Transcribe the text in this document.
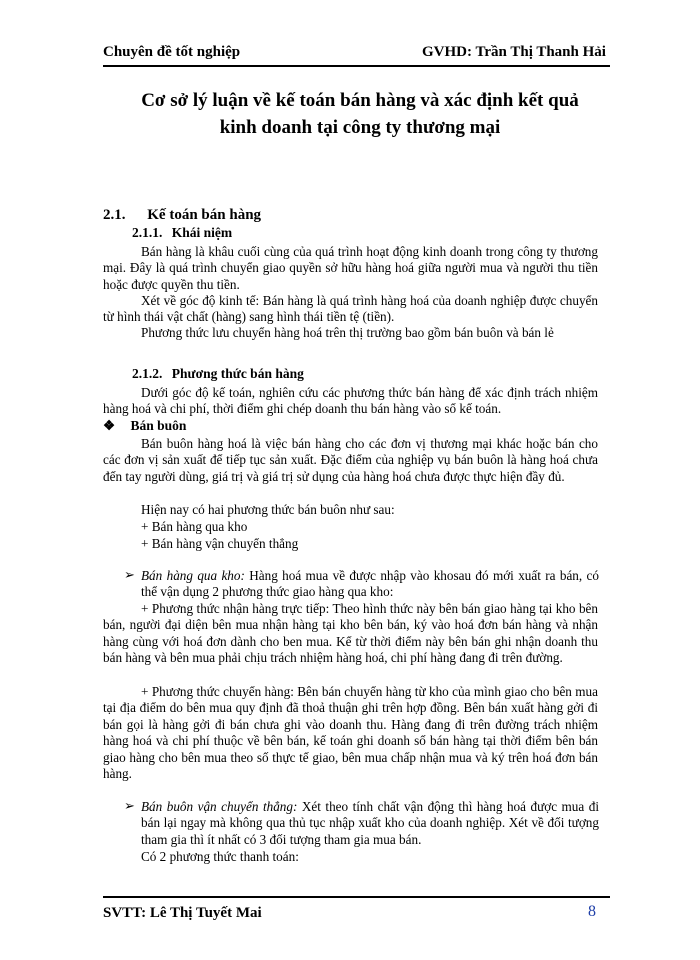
Chuyên đề tốt nghiệp	GVHD: Trần Thị Thanh Hải
Cơ sở lý luận về kế toán bán hàng và xác định kết quả
kinh doanh tại công ty thương mại
2.1. Kế toán bán hàng
2.1.1. Khái niệm
Bán hàng là khâu cuối cùng của quá trình hoạt động kinh doanh trong công ty thương mại. Đây là quá trình chuyển giao quyền sở hữu hàng hoá giữa người mua và người thu tiền hoặc được quyền thu tiền.
Xét về góc độ kinh tế: Bán hàng là quá trình hàng hoá của doanh nghiệp được chuyển từ hình thái vật chất (hàng) sang hình thái tiền tệ (tiền).
Phương thức lưu chuyển hàng hoá trên thị trường bao gồm bán buôn và bán lẻ
2.1.2. Phương thức bán hàng
Dưới góc độ kế toán, nghiên cứu các phương thức bán hàng để xác định trách nhiệm hàng hoá và chi phí, thời điểm ghi chép doanh thu bán hàng vào sổ kế toán.
❖ Bán buôn
Bán buôn hàng hoá là việc bán hàng cho các đơn vị thương mại khác hoặc bán cho các đơn vị sản xuất để tiếp tục sản xuất. Đặc điểm của nghiệp vụ bán buôn là hàng hoá chưa đến tay người dùng, giá trị và giá trị sử dụng của hàng hoá chưa được thực hiện đầy đủ.
Hiện nay có hai phương thức bán buôn như sau:
+ Bán hàng qua kho
+ Bán hàng vận chuyển thẳng
➢ Bán hàng qua kho: Hàng hoá mua về được nhập vào khosau đó mới xuất ra bán, có thể vận dụng 2 phương thức giao hàng qua kho:
+ Phương thức nhận hàng trực tiếp: Theo hình thức này bên bán giao hàng tại kho bên bán, người đại diện bên mua nhận hàng tại kho bên bán, ký vào hoá đơn bán hàng và nhận hàng cùng với hoá đơn dành cho ben mua. Kể từ thời điểm này bên bán ghi nhận doanh thu bán hàng và bên mua phải chịu trách nhiệm hàng hoá, chi phí hàng đang đi trên đường.
+ Phương thức chuyển hàng: Bên bán chuyển hàng từ kho của mình giao cho bên mua tại địa điểm do bên mua quy định đã thoả thuận ghi trên hợp đồng. Bên bán xuất hàng gởi đi bán gọi là hàng gởi đi bán chưa ghi vào doanh thu. Hàng đang đi trên đường trách nhiệm hàng hoá và chi phí thuộc về bên bán, kế toán ghi doanh số bán hàng tại thời điểm bên bán giao hàng cho bên mua theo số thực tế giao, bên mua chấp nhận mua và ký trên hoá đơn bán hàng.
➢ Bán buôn vận chuyển thẳng: Xét theo tính chất vận động thì hàng hoá được mua đi bán lại ngay mà không qua thủ tục nhập xuất kho của doanh nghiệp. Xét về đối tượng tham gia thì ít nhất có 3 đối tượng tham gia mua bán.
Có 2 phương thức thanh toán:
SVTT: Lê Thị Tuyết Mai	8
